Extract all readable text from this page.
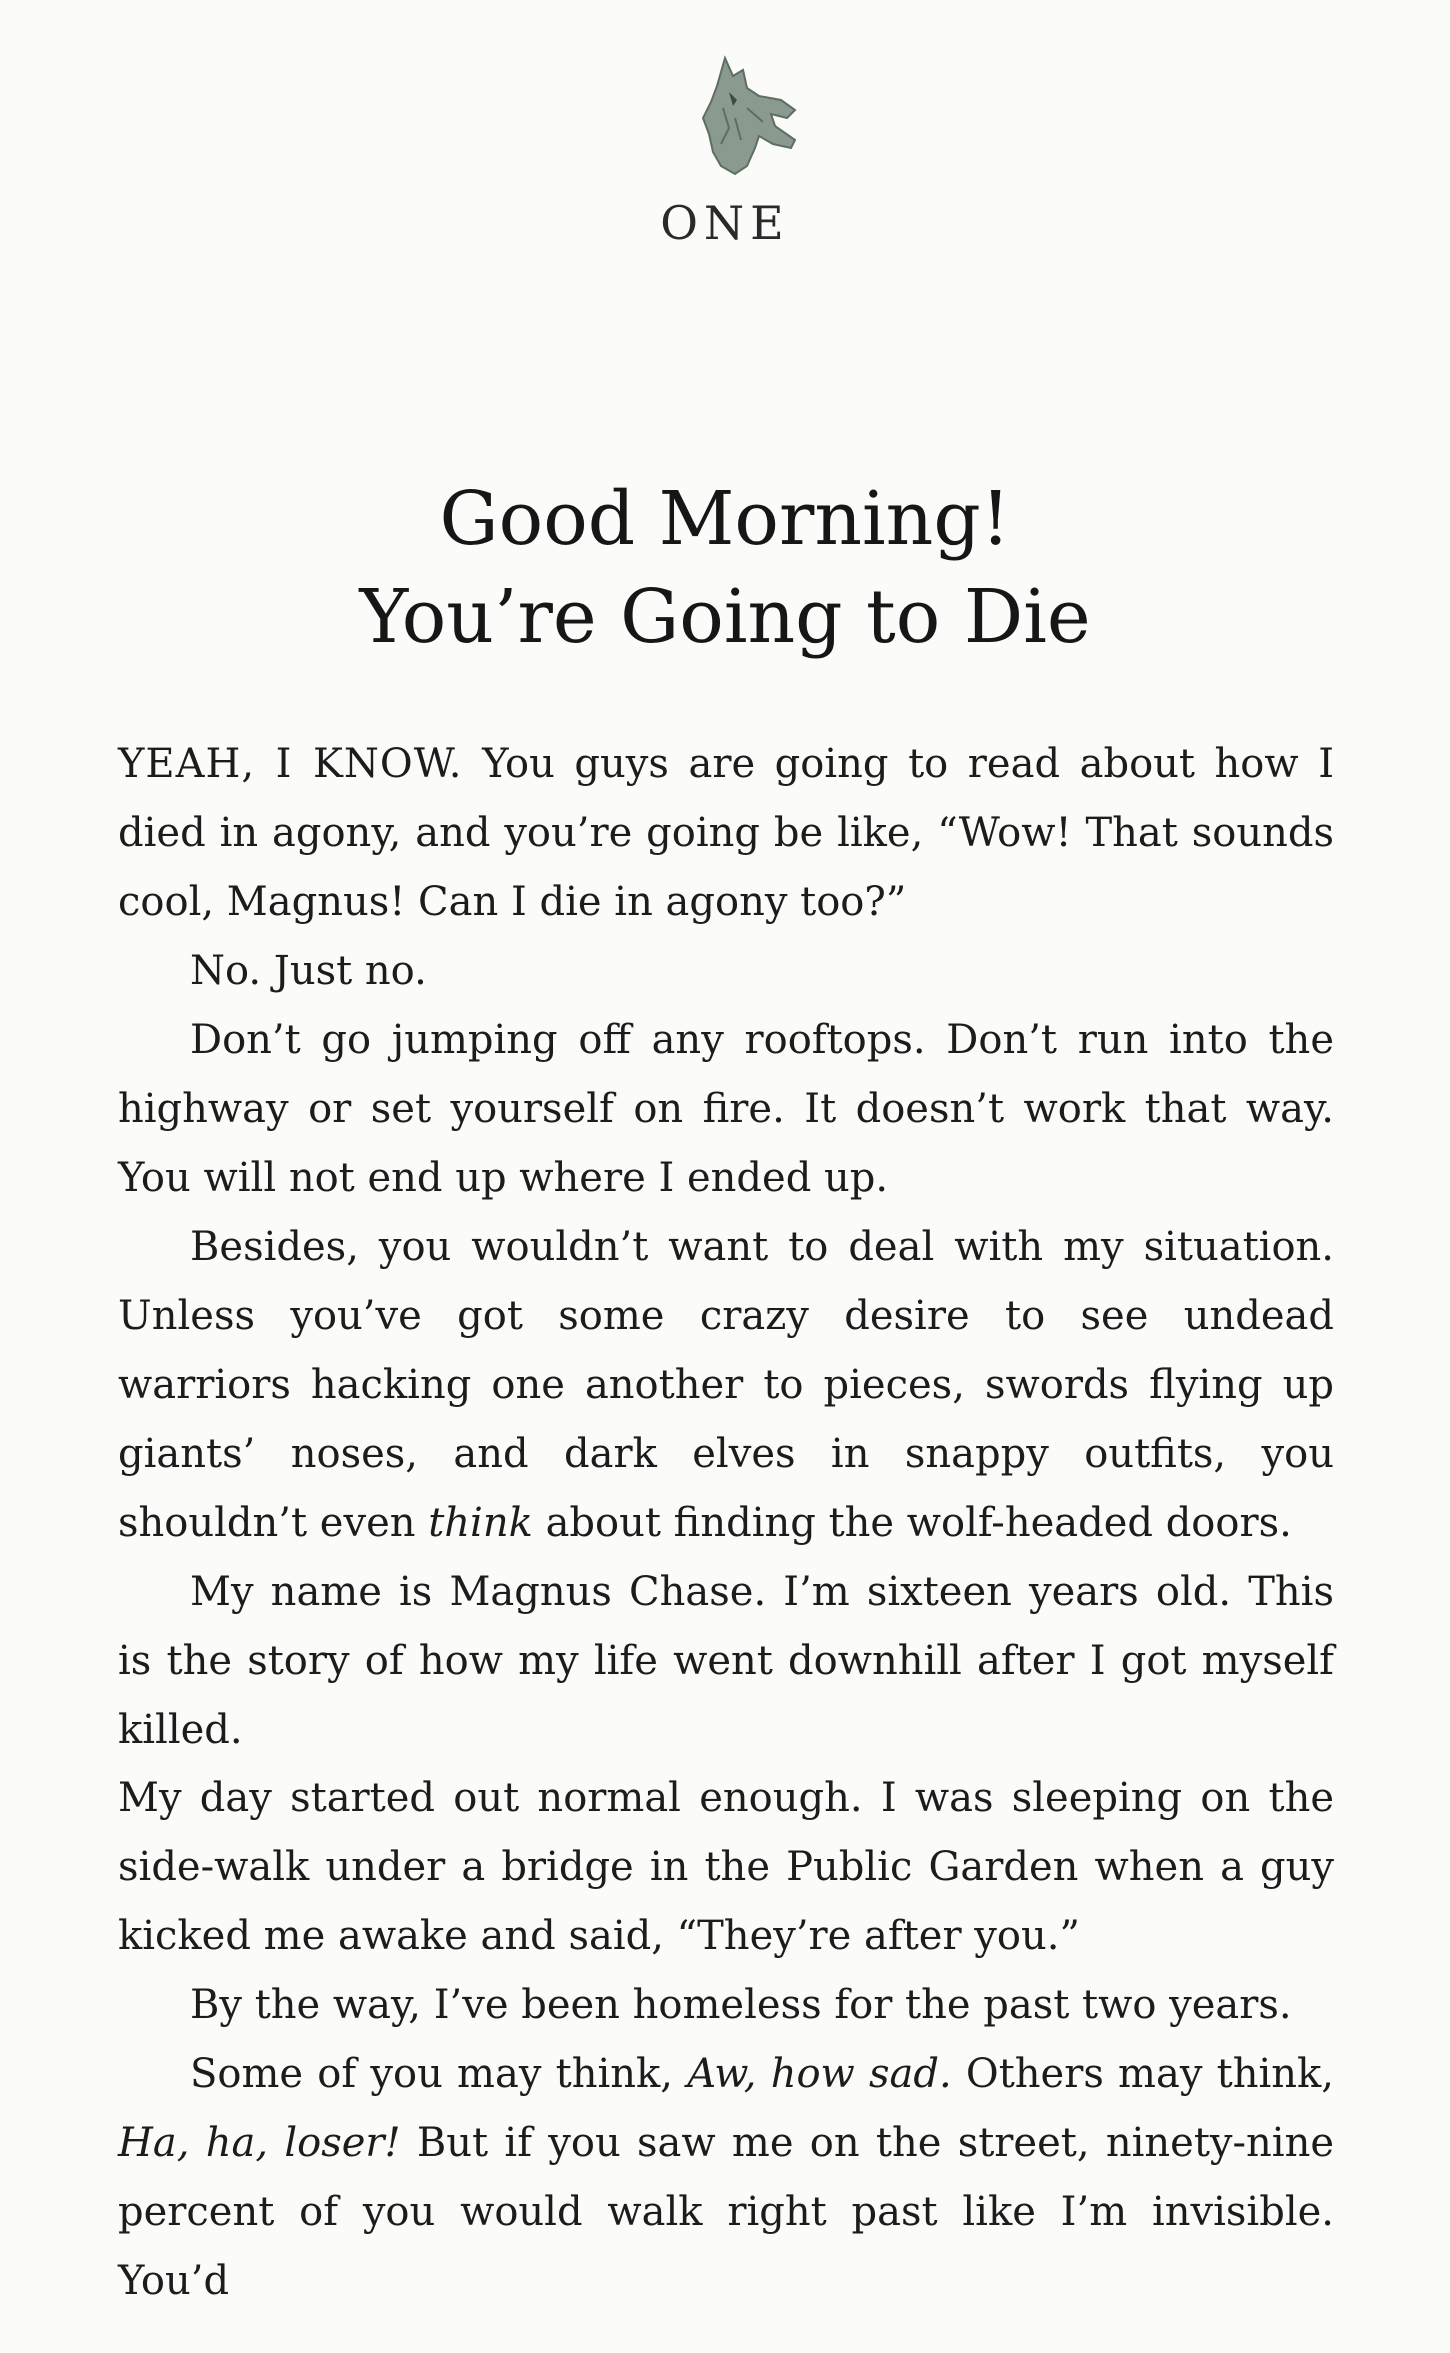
ONE
Good Morning!
You’re Going to Die

YEAH, I KNOW. You guys are going to read about how I died in agony, and you’re going be like, “Wow! That sounds cool, Magnus! Can I die in agony too?”

No. Just no.

Don’t go jumping off any rooftops. Don’t run into the highway or set yourself on fire. It doesn’t work that way. You will not end up where I ended up.

Besides, you wouldn’t want to deal with my situation. Unless you’ve got some crazy desire to see undead warriors hacking one another to pieces, swords flying up giants’ noses, and dark elves in snappy outfits, you shouldn’t even think about finding the wolf-headed doors.

My name is Magnus Chase. I’m sixteen years old. This is the story of how my life went downhill after I got myself killed.

My day started out normal enough. I was sleeping on the side-walk under a bridge in the Public Garden when a guy kicked me awake and said, “They’re after you.”

By the way, I’ve been homeless for the past two years.

Some of you may think, Aw, how sad. Others may think, Ha, ha, loser! But if you saw me on the street, ninety-nine percent of you would walk right past like I’m invisible. You’d
